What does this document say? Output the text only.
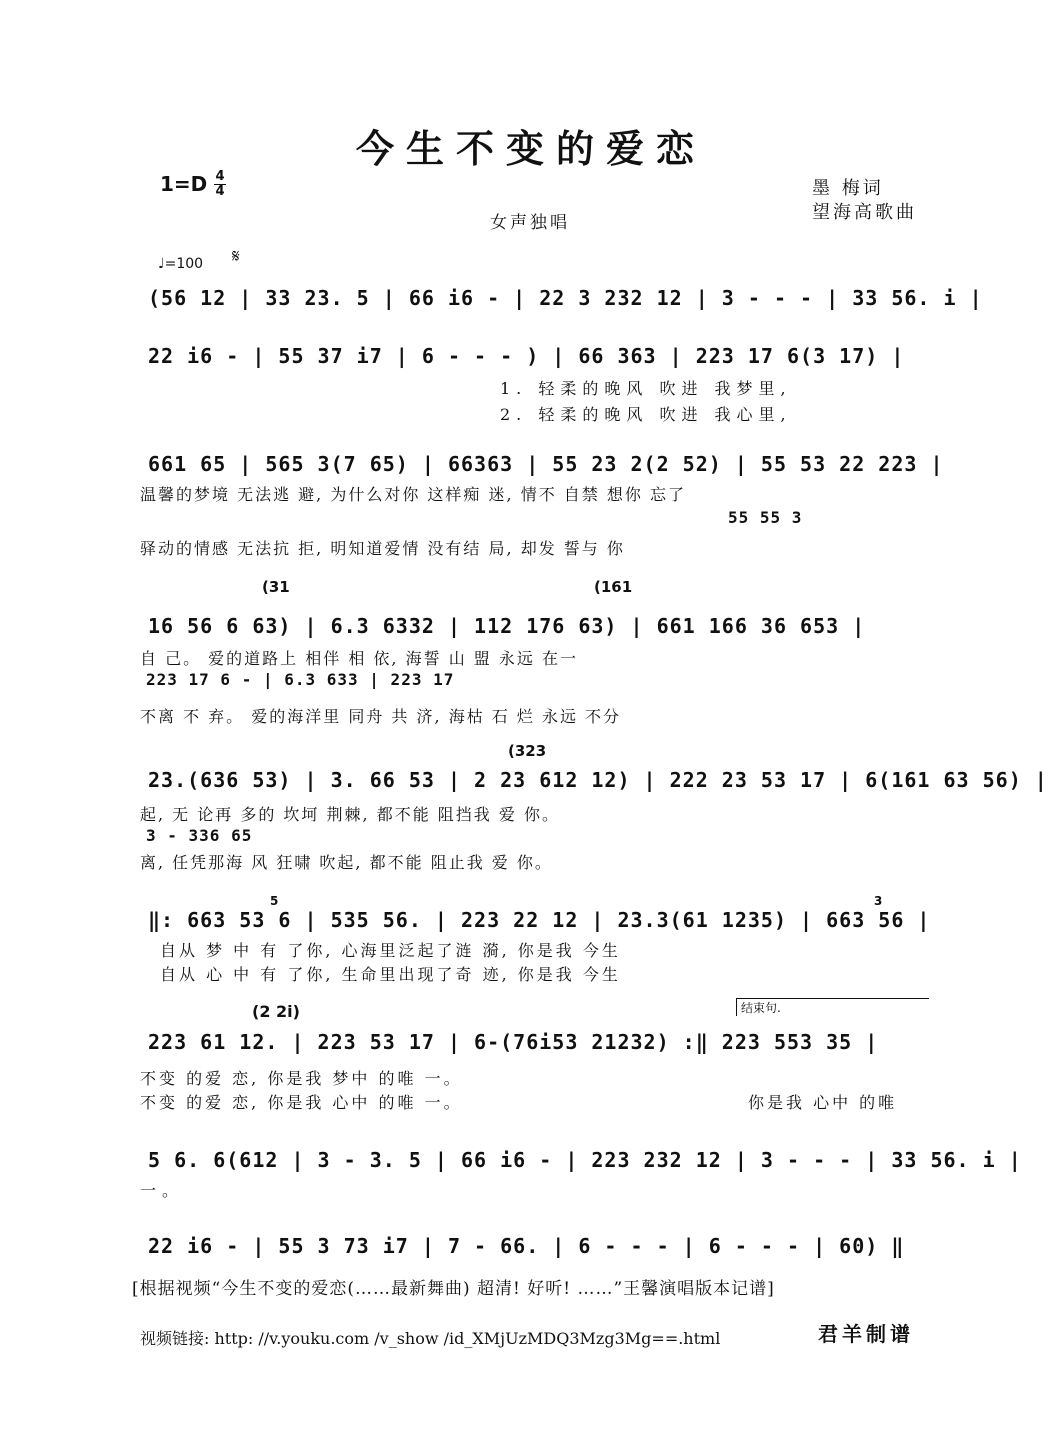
今生不变的爱恋
1=D 4
4	墨 梅词
望海高歌曲
女声独唱
♩=100 𝄋
(56 12 | 33 23. 5 | 66 i6 - | 22 3 232 12 | 3 - - - | 33 56. i |
22 i6 - | 55 37 i7 | 6 - - - ) | 66 363 | 223 17 6(3 17) |
1. 轻柔的晚风 吹进 我梦里,
2. 轻柔的晚风 吹进 我心里,
661 65 | 565 3(7 65) | 66363 | 55 23 2(2 52) | 55 53 22 223 |
温馨的梦境 无法逃 避, 为什么对你 这样痴 迷, 情不 自禁 想你 忘了
55 55 3
驿动的情感 无法抗 拒, 明知道爱情 没有结 局, 却发 誓与 你
(31	(161
16 56 6 63) | 6.3 6332 | 112 176 63) | 661 166 36 653 |
自 己。 爱的道路上 相伴 相 依, 海誓 山 盟 永远 在一
223 17 6 - | 6.3 633 | 223 17
不离 不 弃。 爱的海洋里 同舟 共 济, 海枯 石 烂 永远 不分
(323
23.(636 53) | 3. 66 53 | 2 23 612 12) | 222 23 53 17 | 6(161 63 56) |
起, 无 论再 多的 坎坷 荆棘, 都不能 阻挡我 爱 你。
3 - 336 65
离, 任凭那海 风 狂啸 吹起, 都不能 阻止我 爱 你。
5	3
‖: 663 53 6 | 535 56. | 223 22 12 | 23.3(61 1235) | 663 56 |
自从 梦 中 有 了你, 心海里泛起了涟 漪, 你是我 今生
自从 心 中 有 了你, 生命里出现了奇 迹, 你是我 今生
(2 2i)	结束句.
223 61 12. | 223 53 17 | 6-(76i53 21232) :‖ 223 553 35 |
不变 的爱 恋, 你是我 梦中 的唯 一。
不变 的爱 恋, 你是我 心中 的唯 一。	你是我 心中 的唯
5 6. 6(612 | 3 - 3. 5 | 66 i6 - | 223 232 12 | 3 - - - | 33 56. i |
一。
22 i6 - | 55 3 73 i7 | 7 - 66. | 6 - - - | 6 - - - | 60) ‖
[根据视频“今生不变的爱恋(……最新舞曲) 超清! 好听! ……”王馨演唱版本记谱]
视频链接: http: //v.youku.com /v_show /id_XMjUzMDQ3Mzg3Mg==.html	君羊制谱
